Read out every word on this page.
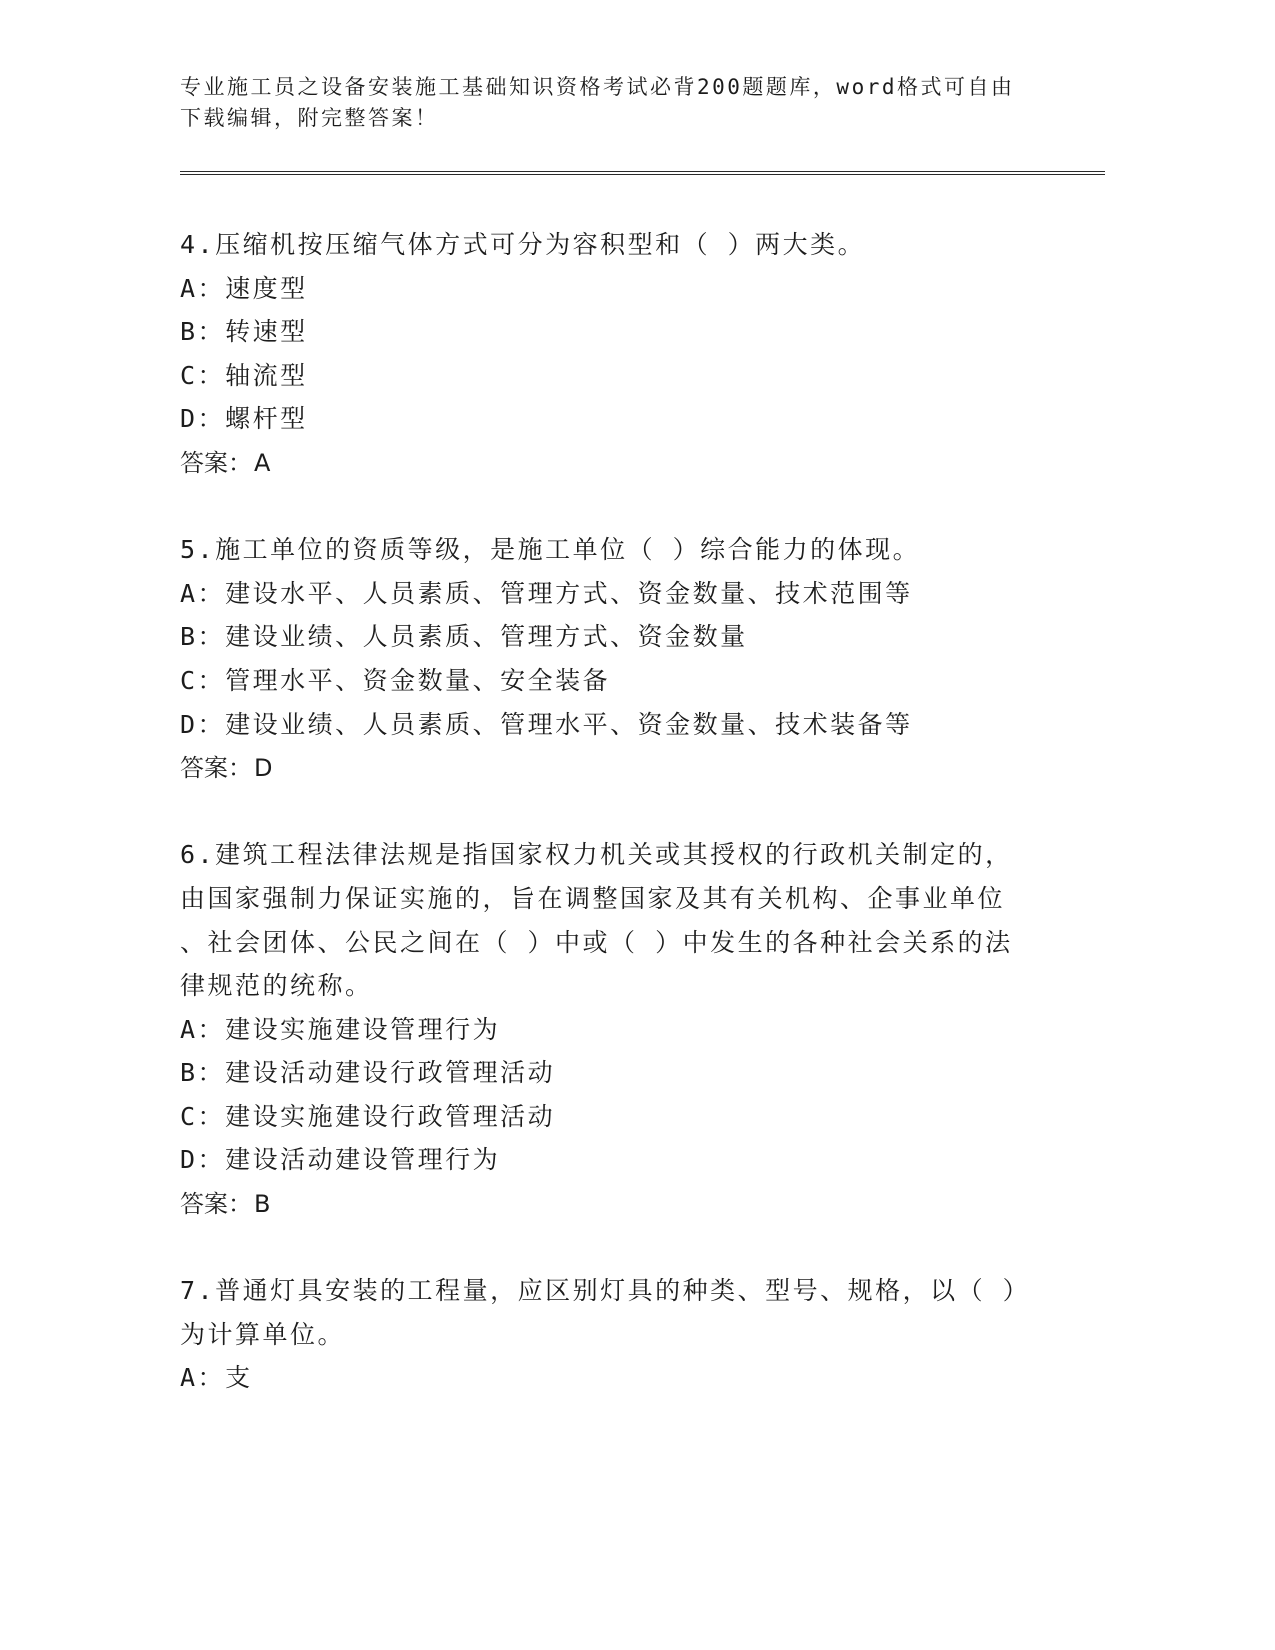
专业施工员之设备安装施工基础知识资格考试必背200题题库，word格式可自由
下载编辑，附完整答案！
4.压缩机按压缩气体方式可分为容积型和（ ）两大类。
A：速度型
B：转速型
C：轴流型
D：螺杆型
答案：A
5.施工单位的资质等级，是施工单位（ ）综合能力的体现。
A：建设水平、人员素质、管理方式、资金数量、技术范围等
B：建设业绩、人员素质、管理方式、资金数量
C：管理水平、资金数量、安全装备
D：建设业绩、人员素质、管理水平、资金数量、技术装备等
答案：D
6.建筑工程法律法规是指国家权力机关或其授权的行政机关制定的，
由国家强制力保证实施的，旨在调整国家及其有关机构、企事业单位
、社会团体、公民之间在（ ）中或（ ）中发生的各种社会关系的法
律规范的统称。
A：建设实施建设管理行为
B：建设活动建设行政管理活动
C：建设实施建设行政管理活动
D：建设活动建设管理行为
答案：B
7.普通灯具安装的工程量，应区别灯具的种类、型号、规格，以（ ）
为计算单位。
A：支
